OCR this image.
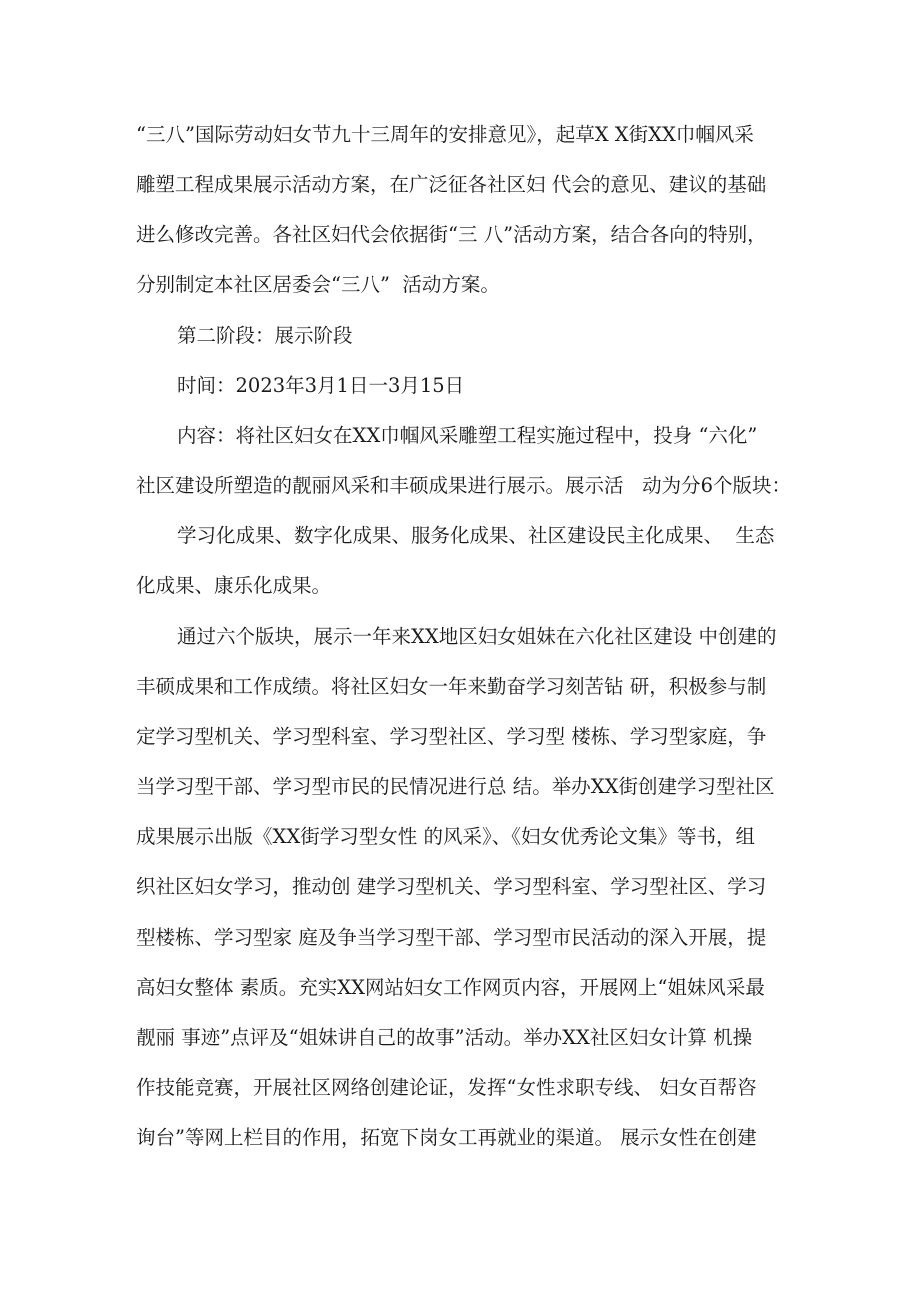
“三八”国际劳动妇女节九十三周年的安排意见》，起草X X街XX巾帼风采
雕塑工程成果展示活动方案，在广泛征各社区妇 代会的意见、建议的基础
进么修改完善。各社区妇代会依据街“三 八”活动方案，结合各向的特别，
分别制定本社区居委会“三八”  活动方案。
第二阶段：展示阶段
时间：2023年3月1日一3月15日
内容：将社区妇女在XX巾帼风采雕塑工程实施过程中，投身 “六化”
社区建设所塑造的靓丽风采和丰硕成果进行展示。展示活   动为分6个版块：
学习化成果、数字化成果、服务化成果、社区建设民主化成果、  生态
化成果、康乐化成果。
通过六个版块，展示一年来XX地区妇女姐妹在六化社区建设 中创建的
丰硕成果和工作成绩。将社区妇女一年来勤奋学习刻苦钻 研，积极参与制
定学习型机关、学习型科室、学习型社区、学习型 楼栋、学习型家庭，争
当学习型干部、学习型市民的民情况进行总 结。举办XX街创建学习型社区
成果展示出版《XX街学习型女性 的风采》、《妇女优秀论文集》等书，组
织社区妇女学习，推动创 建学习型机关、学习型科室、学习型社区、学习
型楼栋、学习型家 庭及争当学习型干部、学习型市民活动的深入开展，提
高妇女整体 素质。充实XX网站妇女工作网页内容，开展网上“姐妹风采最
靓丽 事迹”点评及“姐妹讲自己的故事”活动。举办XX社区妇女计算 机操
作技能竞赛，开展社区网络创建论证，发挥“女性求职专线、 妇女百帮咨
询台”等网上栏目的作用，拓宽下岗女工再就业的渠道。 展示女性在创建
